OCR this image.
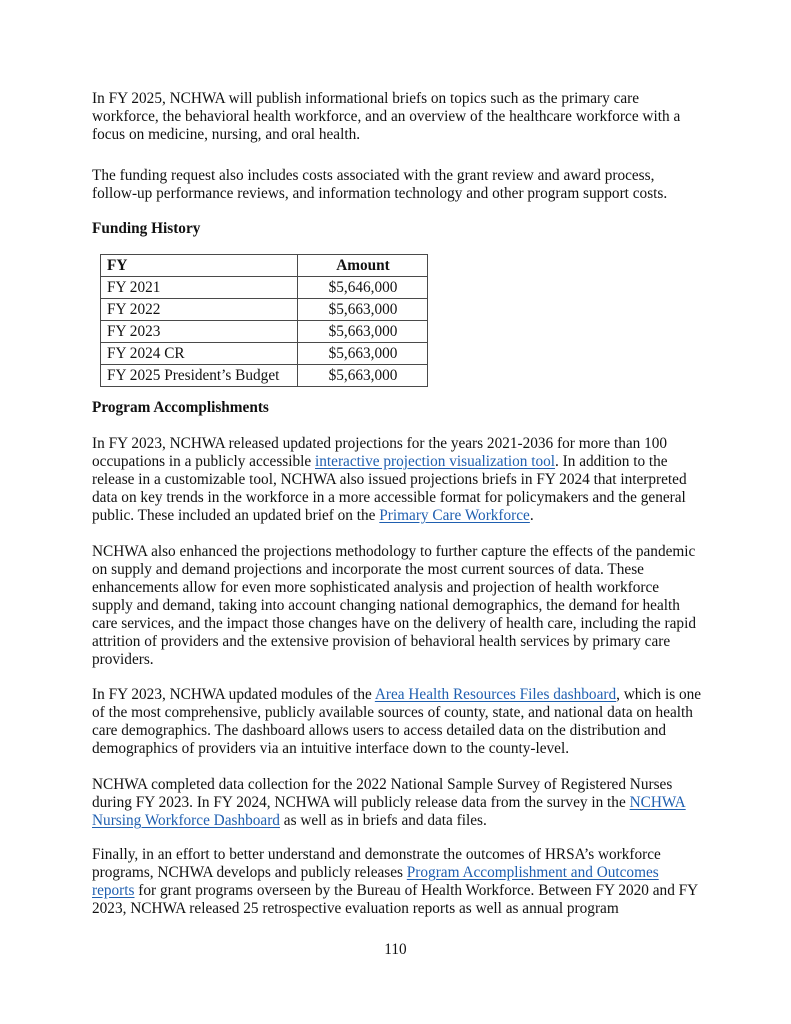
In FY 2025, NCHWA will publish informational briefs on topics such as the primary care workforce, the behavioral health workforce, and an overview of the healthcare workforce with a focus on medicine, nursing, and oral health.

The funding request also includes costs associated with the grant review and award process, follow-up performance reviews, and information technology and other program support costs.

Funding History

FY	Amount
FY 2021	$5,646,000
FY 2022	$5,663,000
FY 2023	$5,663,000
FY 2024 CR	$5,663,000
FY 2025 President’s Budget	$5,663,000

Program Accomplishments

In FY 2023, NCHWA released updated projections for the years 2021-2036 for more than 100 occupations in a publicly accessible interactive projection visualization tool. In addition to the release in a customizable tool, NCHWA also issued projections briefs in FY 2024 that interpreted data on key trends in the workforce in a more accessible format for policymakers and the general public. These included an updated brief on the Primary Care Workforce.

NCHWA also enhanced the projections methodology to further capture the effects of the pandemic on supply and demand projections and incorporate the most current sources of data. These enhancements allow for even more sophisticated analysis and projection of health workforce supply and demand, taking into account changing national demographics, the demand for health care services, and the impact those changes have on the delivery of health care, including the rapid attrition of providers and the extensive provision of behavioral health services by primary care providers.

In FY 2023, NCHWA updated modules of the Area Health Resources Files dashboard, which is one of the most comprehensive, publicly available sources of county, state, and national data on health care demographics. The dashboard allows users to access detailed data on the distribution and demographics of providers via an intuitive interface down to the county-level.

NCHWA completed data collection for the 2022 National Sample Survey of Registered Nurses during FY 2023. In FY 2024, NCHWA will publicly release data from the survey in the NCHWA Nursing Workforce Dashboard as well as in briefs and data files.

Finally, in an effort to better understand and demonstrate the outcomes of HRSA’s workforce programs, NCHWA develops and publicly releases Program Accomplishment and Outcomes reports for grant programs overseen by the Bureau of Health Workforce. Between FY 2020 and FY 2023, NCHWA released 25 retrospective evaluation reports as well as annual program

110
